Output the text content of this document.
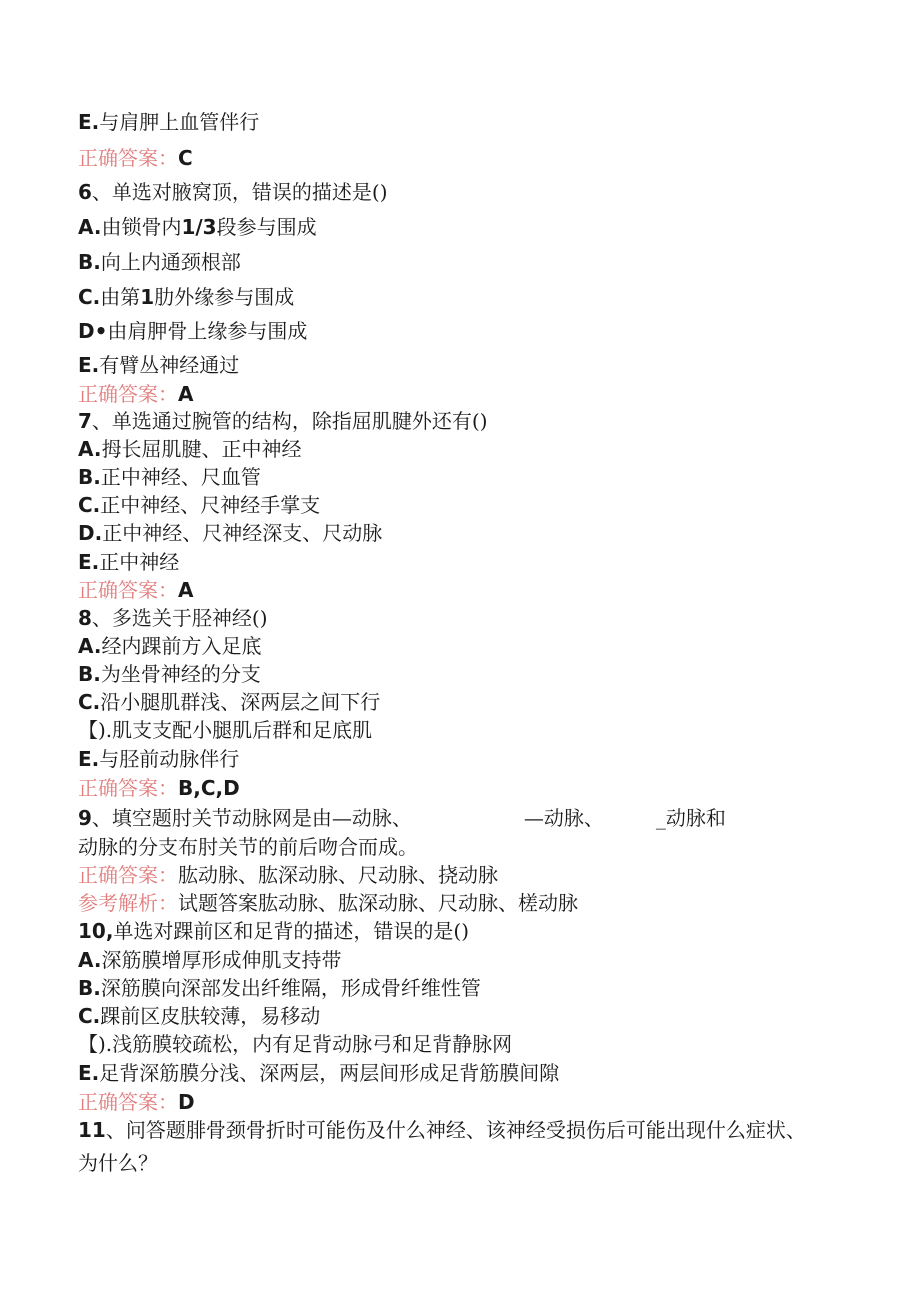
E.与肩胛上血管伴行
正确答案：C
6、单选对腋窝顶，错误的描述是()
A.由锁骨内1/3段参与围成
B.向上内通颈根部
C.由第1肋外缘参与围成
D•由肩胛骨上缘参与围成
E.有臂丛神经通过
正确答案：A
7、单选通过腕管的结构，除指屈肌腱外还有()
A.拇长屈肌腱、正中神经
B.正中神经、尺血管
C.正中神经、尺神经手掌支
D.正中神经、尺神经深支、尺动脉
E.正中神经
正确答案：A
8、多选关于胫神经()
A.经内踝前方入足底
B.为坐骨神经的分支
C.沿小腿肌群浅、深两层之间下行
【).肌支支配小腿肌后群和足底肌
E.与胫前动脉伴行
正确答案：B,C,D
9、填空题肘关节动脉网是由—动脉、	—动脉、	_动脉和
动脉的分支布肘关节的前后吻合而成。
正确答案：肱动脉、肱深动脉、尺动脉、挠动脉
参考解析：试题答案肱动脉、肱深动脉、尺动脉、槎动脉
10,单选对踝前区和足背的描述，错误的是()
A.深筋膜增厚形成伸肌支持带
B.深筋膜向深部发出纤维隔，形成骨纤维性管
C.踝前区皮肤较薄，易移动
【).浅筋膜较疏松，内有足背动脉弓和足背静脉网
E.足背深筋膜分浅、深两层，两层间形成足背筋膜间隙
正确答案：D
11、问答题腓骨颈骨折时可能伤及什么神经、该神经受损伤后可能出现什么症状、
为什么？
